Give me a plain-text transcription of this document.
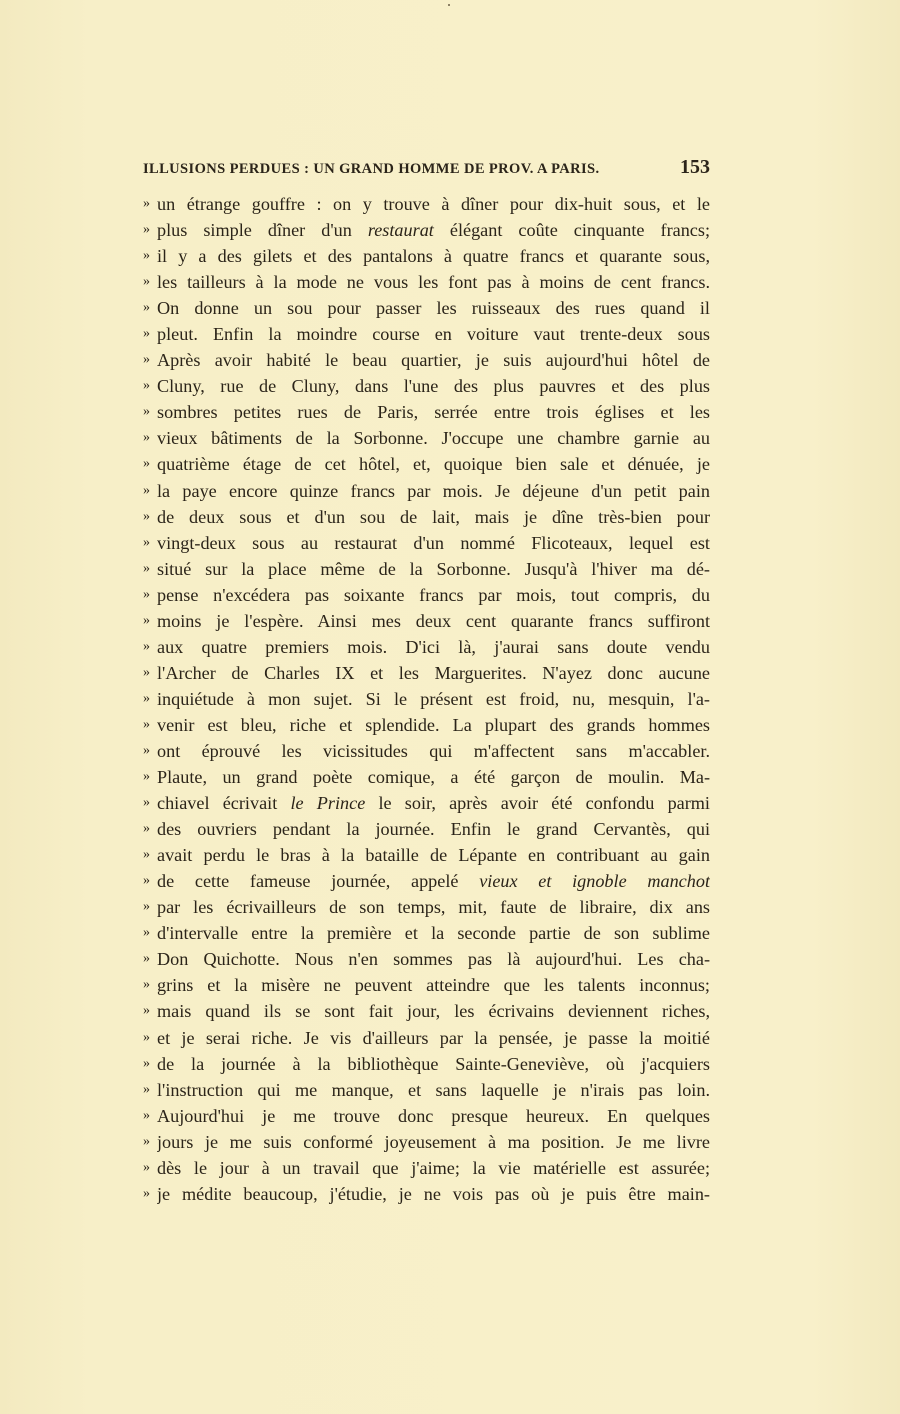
ILLUSIONS PERDUES : UN GRAND HOMME DE PROV. A PARIS.	153
» un étrange gouffre : on y trouve à dîner pour dix-huit sous, et le
» plus simple dîner d'un restaurat élégant coûte cinquante francs;
» il y a des gilets et des pantalons à quatre francs et quarante sous,
» les tailleurs à la mode ne vous les font pas à moins de cent francs.
» On donne un sou pour passer les ruisseaux des rues quand il
» pleut. Enfin la moindre course en voiture vaut trente-deux sous
» Après avoir habité le beau quartier, je suis aujourd'hui hôtel de
» Cluny, rue de Cluny, dans l'une des plus pauvres et des plus
» sombres petites rues de Paris, serrée entre trois églises et les
» vieux bâtiments de la Sorbonne. J'occupe une chambre garnie au
» quatrième étage de cet hôtel, et, quoique bien sale et dénuée, je
» la paye encore quinze francs par mois. Je déjeune d'un petit pain
» de deux sous et d'un sou de lait, mais je dîne très-bien pour
» vingt-deux sous au restaurat d'un nommé Flicoteaux, lequel est
» situé sur la place même de la Sorbonne. Jusqu'à l'hiver ma dé-
» pense n'excédera pas soixante francs par mois, tout compris, du
» moins je l'espère. Ainsi mes deux cent quarante francs suffiront
» aux quatre premiers mois. D'ici là, j'aurai sans doute vendu
» l'Archer de Charles IX et les Marguerites. N'ayez donc aucune
» inquiétude à mon sujet. Si le présent est froid, nu, mesquin, l'a-
» venir est bleu, riche et splendide. La plupart des grands hommes
» ont éprouvé les vicissitudes qui m'affectent sans m'accabler.
» Plaute, un grand poète comique, a été garçon de moulin. Ma-
» chiavel écrivait le Prince le soir, après avoir été confondu parmi
» des ouvriers pendant la journée. Enfin le grand Cervantès, qui
» avait perdu le bras à la bataille de Lépante en contribuant au gain
» de cette fameuse journée, appelé vieux et ignoble manchot
» par les écrivailleurs de son temps, mit, faute de libraire, dix ans
» d'intervalle entre la première et la seconde partie de son sublime
» Don Quichotte. Nous n'en sommes pas là aujourd'hui. Les cha-
» grins et la misère ne peuvent atteindre que les talents inconnus;
» mais quand ils se sont fait jour, les écrivains deviennent riches,
» et je serai riche. Je vis d'ailleurs par la pensée, je passe la moitié
» de la journée à la bibliothèque Sainte-Geneviève, où j'acquiers
» l'instruction qui me manque, et sans laquelle je n'irais pas loin.
» Aujourd'hui je me trouve donc presque heureux. En quelques
» jours je me suis conformé joyeusement à ma position. Je me livre
» dès le jour à un travail que j'aime; la vie matérielle est assurée;
» je médite beaucoup, j'étudie, je ne vois pas où je puis être main-
